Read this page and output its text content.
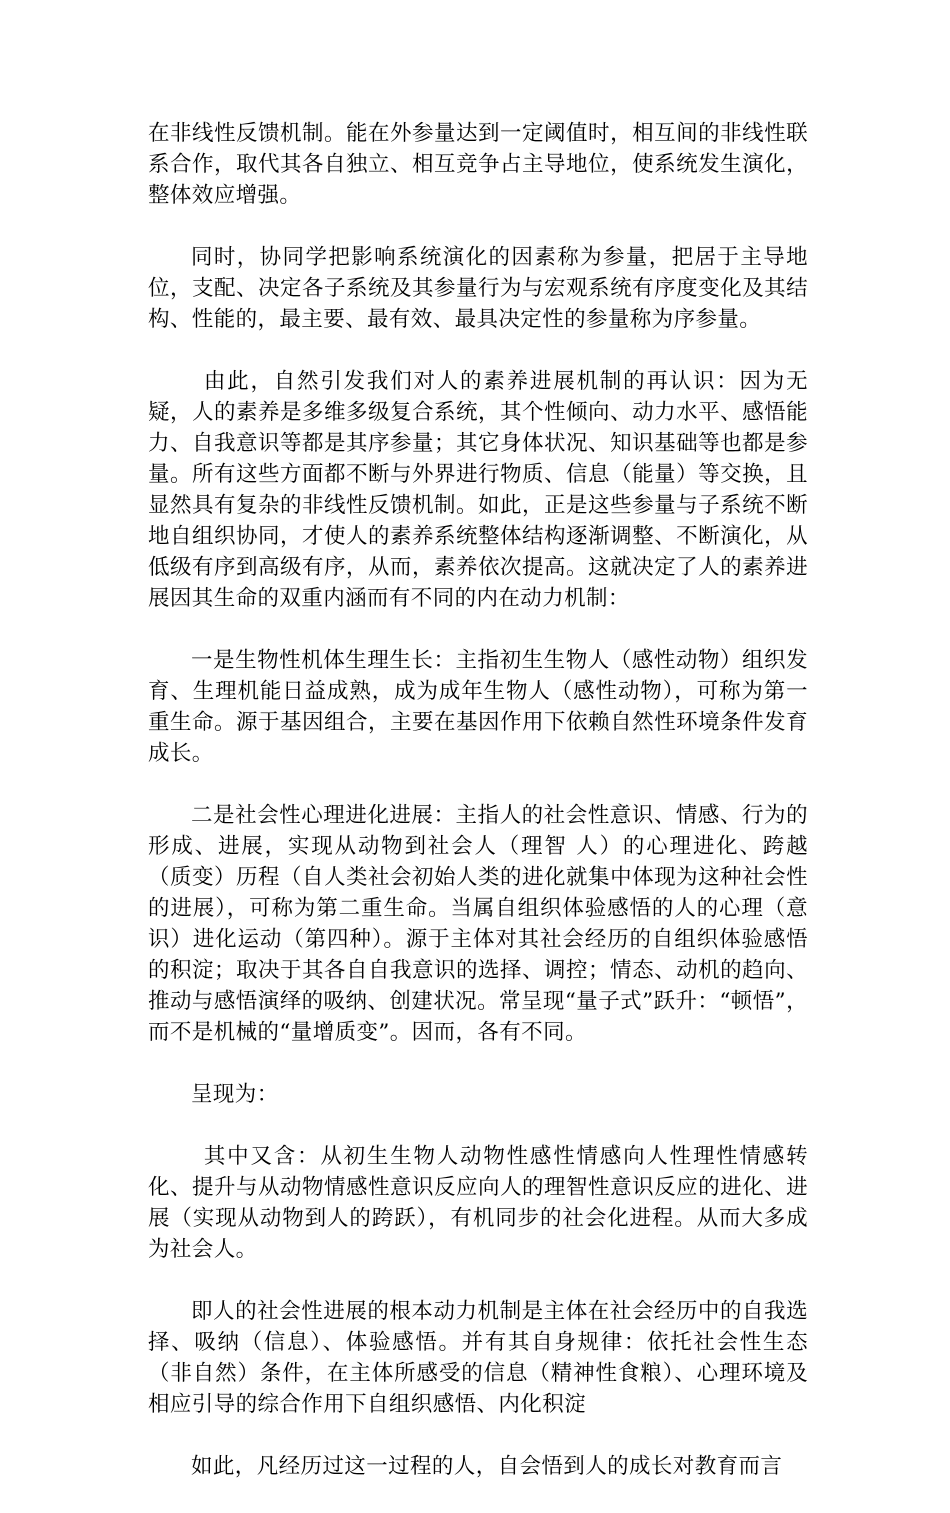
在非线性反馈机制。能在外参量达到一定阈值时，相互间的非线性联系合作，取代其各自独立、相互竞争占主导地位，使系统发生演化，整体效应增强。

同时，协同学把影响系统演化的因素称为参量，把居于主导地位，支配、决定各子系统及其参量行为与宏观系统有序度变化及其结构、性能的，最主要、最有效、最具决定性的参量称为序参量。

由此，自然引发我们对人的素养进展机制的再认识：因为无疑，人的素养是多维多级复合系统，其个性倾向、动力水平、感悟能力、自我意识等都是其序参量；其它身体状况、知识基础等也都是参量。所有这些方面都不断与外界进行物质、信息（能量）等交换，且显然具有复杂的非线性反馈机制。如此，正是这些参量与子系统不断地自组织协同，才使人的素养系统整体结构逐渐调整、不断演化，从低级有序到高级有序，从而，素养依次提高。这就决定了人的素养进展因其生命的双重内涵而有不同的内在动力机制：

一是生物性机体生理生长：主指初生生物人（感性动物）组织发育、生理机能日益成熟，成为成年生物人（感性动物），可称为第一重生命。源于基因组合，主要在基因作用下依赖自然性环境条件发育成长。

二是社会性心理进化进展：主指人的社会性意识、情感、行为的形成、进展，实现从动物到社会人（理智 人）的心理进化、跨越（质变）历程（自人类社会初始人类的进化就集中体现为这种社会性的进展），可称为第二重生命。当属自组织体验感悟的人的心理（意识）进化运动（第四种）。源于主体对其社会经历的自组织体验感悟的积淀；取决于其各自自我意识的选择、调控；情态、动机的趋向、推动与感悟演绎的吸纳、创建状况。常呈现“量子式”跃升：“顿悟”，而不是机械的“量增质变”。因而，各有不同。

呈现为：

其中又含：从初生生物人动物性感性情感向人性理性情感转化、提升与从动物情感性意识反应向人的理智性意识反应的进化、进展（实现从动物到人的跨跃），有机同步的社会化进程。从而大多成为社会人。

即人的社会性进展的根本动力机制是主体在社会经历中的自我选择、吸纳（信息）、体验感悟。并有其自身规律：依托社会性生态（非自然）条件，在主体所感受的信息（精神性食粮）、心理环境及相应引导的综合作用下自组织感悟、内化积淀

如此，凡经历过这一过程的人，自会悟到人的成长对教育而言
